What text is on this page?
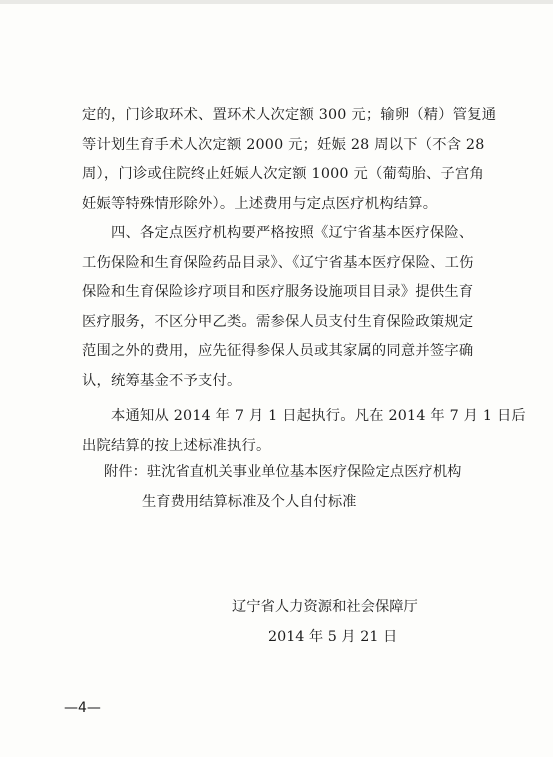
定的，门诊取环术、置环术人次定额 300 元；输卵（精）管复通
等计划生育手术人次定额 2000 元；妊娠 28 周以下（不含 28
周），门诊或住院终止妊娠人次定额 1000 元（葡萄胎、子宫角
妊娠等特殊情形除外）。上述费用与定点医疗机构结算。
四、各定点医疗机构要严格按照《辽宁省基本医疗保险、
工伤保险和生育保险药品目录》、《辽宁省基本医疗保险、工伤
保险和生育保险诊疗项目和医疗服务设施项目目录》提供生育
医疗服务，不区分甲乙类。需参保人员支付生育保险政策规定
范围之外的费用，应先征得参保人员或其家属的同意并签字确
认，统筹基金不予支付。
本通知从 2014 年 7 月 1 日起执行。凡在 2014 年 7 月 1 日后
出院结算的按上述标准执行。
附件：驻沈省直机关事业单位基本医疗保险定点医疗机构
生育费用结算标准及个人自付标准
辽宁省人力资源和社会保障厅
2014 年 5 月 21 日
—4—
